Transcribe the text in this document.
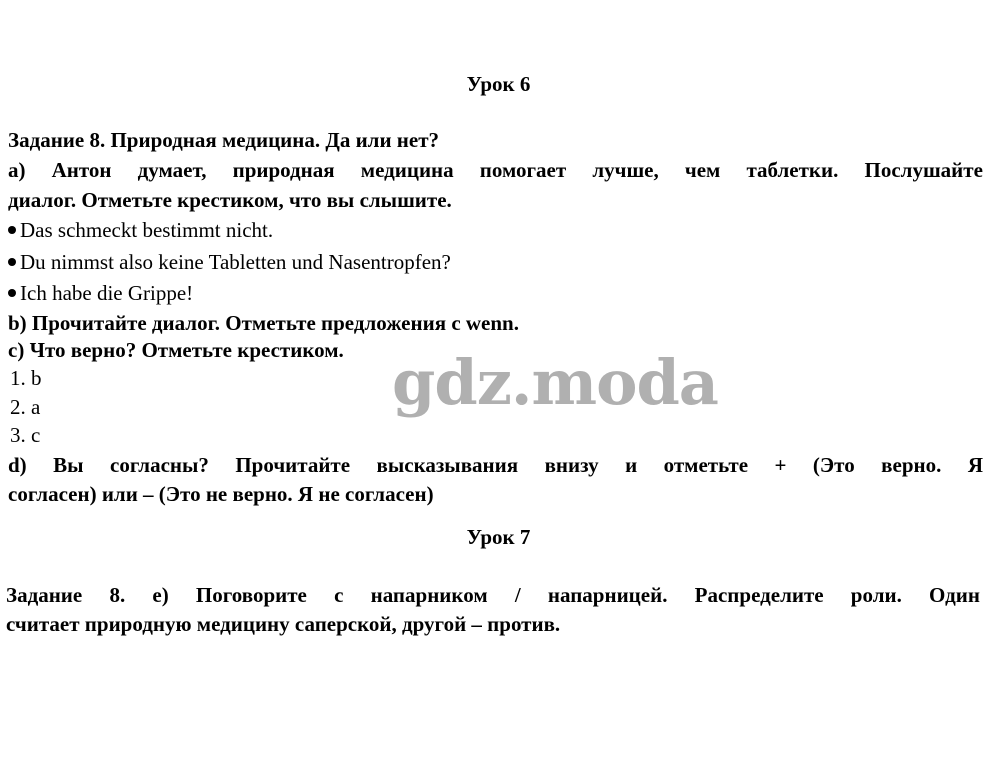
Урок 6
Задание 8. Природная медицина. Да или нет?
a) Антон думает, природная медицина помогает лучше, чем таблетки. Послушайте
диалог. Отметьте крестиком, что вы слышите.
Das schmeckt bestimmt nicht.
Du nimmst also keine Tabletten und Nasentropfen?
Ich habe die Grippe!
b) Прочитайте диалог. Отметьте предложения с wenn.
c) Что верно? Отметьте крестиком.
1. b
2. a
3. c
d) Вы согласны? Прочитайте высказывания внизу и отметьте + (Это верно. Я
согласен) или – (Это не верно. Я не согласен)
Урок 7
Задание 8. e) Поговорите с напарником / напарницей. Распределите роли. Один
считает природную медицину саперской, другой – против.
gdz.moda
